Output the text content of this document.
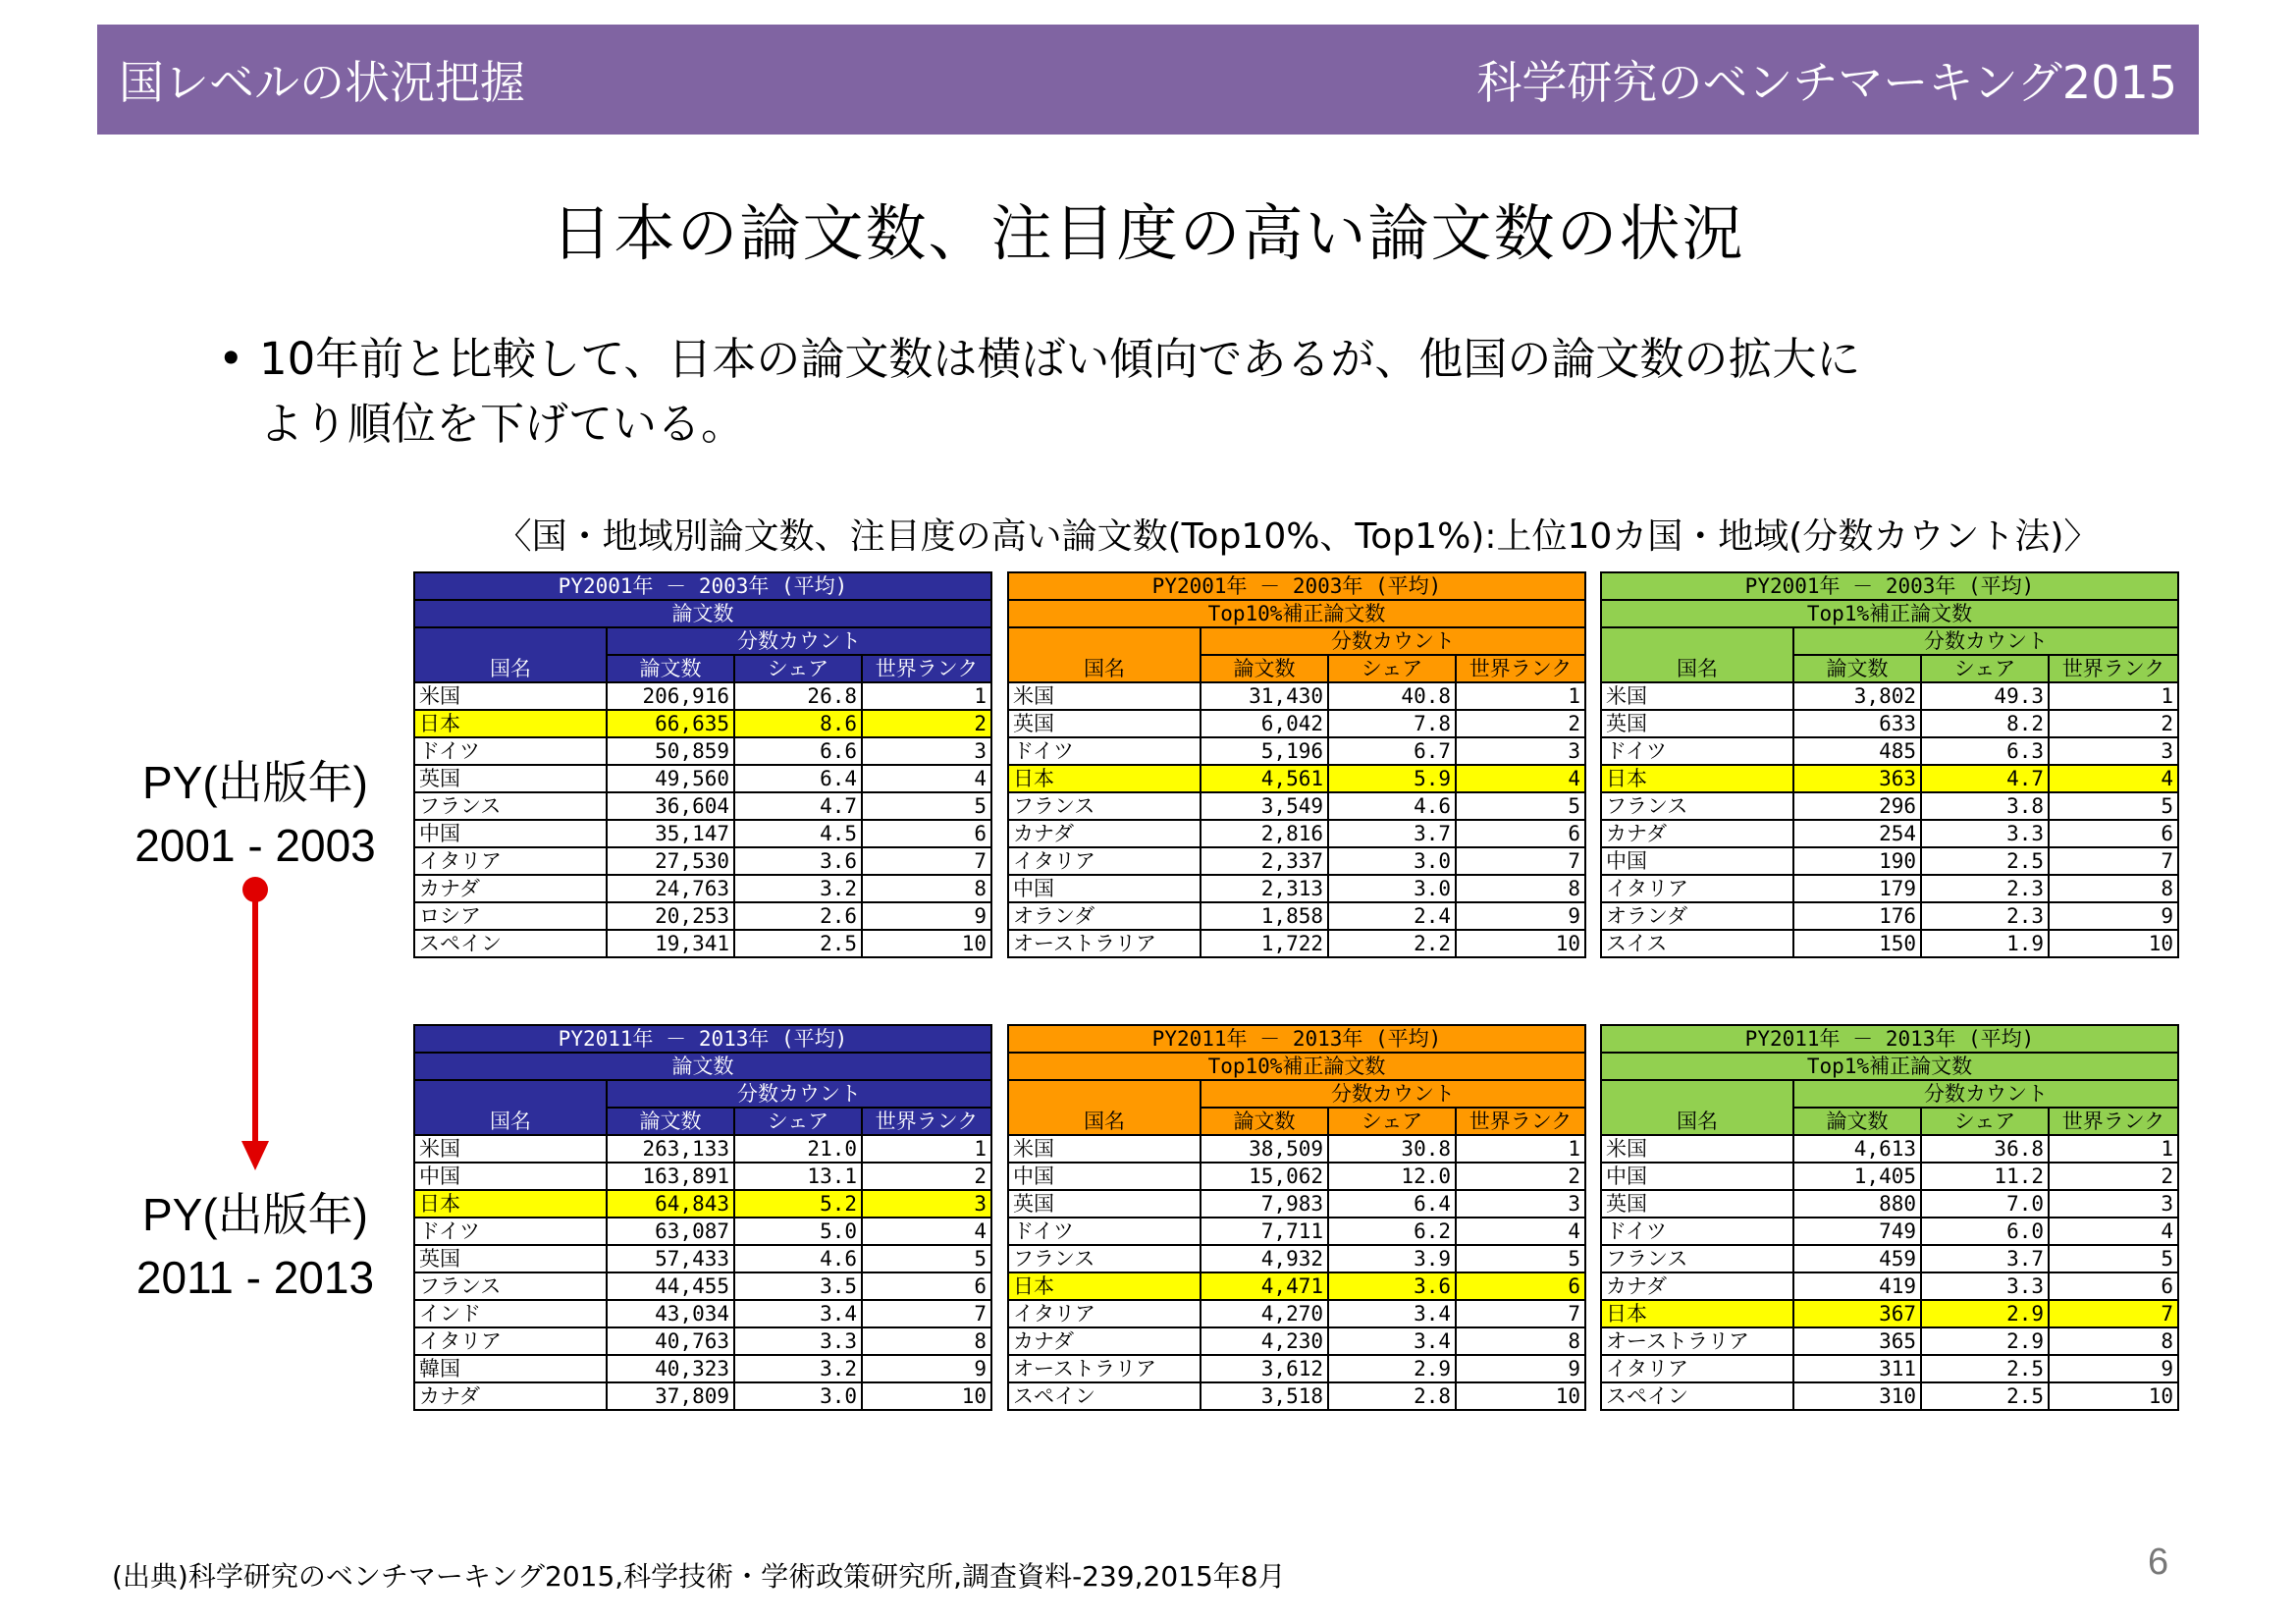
国レベルの状況把握	科学研究のベンチマーキング2015
日本の論文数、注目度の高い論文数の状況
• 10年前と比較して、日本の論文数は横ばい傾向であるが、他国の論文数の拡大に
より順位を下げている。
〈国・地域別論文数、注目度の高い論文数(Top10%、Top1%):上位10カ国・地域(分数カウント法)〉
PY(出版年)
2001 - 2003
PY(出版年)
2011 - 2013
PY2001年 － 2003年 (平均)			
論文数			
国名	分数カウント		
	論文数	シェア	世界ランク
米国	206,916	26.8	1
日本	66,635	8.6	2
ドイツ	50,859	6.6	3
英国	49,560	6.4	4
フランス	36,604	4.7	5
中国	35,147	4.5	6
イタリア	27,530	3.6	7
カナダ	24,763	3.2	8
ロシア	20,253	2.6	9
スペイン	19,341	2.5	10
PY2001年 － 2003年 (平均)			
Top10%補正論文数			
国名	分数カウント		
	論文数	シェア	世界ランク
米国	31,430	40.8	1
英国	6,042	7.8	2
ドイツ	5,196	6.7	3
日本	4,561	5.9	4
フランス	3,549	4.6	5
カナダ	2,816	3.7	6
イタリア	2,337	3.0	7
中国	2,313	3.0	8
オランダ	1,858	2.4	9
オーストラリア	1,722	2.2	10
PY2001年 － 2003年 (平均)			
Top1%補正論文数			
国名	分数カウント		
	論文数	シェア	世界ランク
米国	3,802	49.3	1
英国	633	8.2	2
ドイツ	485	6.3	3
日本	363	4.7	4
フランス	296	3.8	5
カナダ	254	3.3	6
中国	190	2.5	7
イタリア	179	2.3	8
オランダ	176	2.3	9
スイス	150	1.9	10
PY2011年 － 2013年 (平均)			
論文数			
国名	分数カウント		
	論文数	シェア	世界ランク
米国	263,133	21.0	1
中国	163,891	13.1	2
日本	64,843	5.2	3
ドイツ	63,087	5.0	4
英国	57,433	4.6	5
フランス	44,455	3.5	6
インド	43,034	3.4	7
イタリア	40,763	3.3	8
韓国	40,323	3.2	9
カナダ	37,809	3.0	10
PY2011年 － 2013年 (平均)			
Top10%補正論文数			
国名	分数カウント		
	論文数	シェア	世界ランク
米国	38,509	30.8	1
中国	15,062	12.0	2
英国	7,983	6.4	3
ドイツ	7,711	6.2	4
フランス	4,932	3.9	5
日本	4,471	3.6	6
イタリア	4,270	3.4	7
カナダ	4,230	3.4	8
オーストラリア	3,612	2.9	9
スペイン	3,518	2.8	10
PY2011年 － 2013年 (平均)			
Top1%補正論文数			
国名	分数カウント		
	論文数	シェア	世界ランク
米国	4,613	36.8	1
中国	1,405	11.2	2
英国	880	7.0	3
ドイツ	749	6.0	4
フランス	459	3.7	5
カナダ	419	3.3	6
日本	367	2.9	7
オーストラリア	365	2.9	8
イタリア	311	2.5	9
スペイン	310	2.5	10
(出典)科学研究のベンチマーキング2015,科学技術・学術政策研究所,調査資料-239,2015年8月	6
